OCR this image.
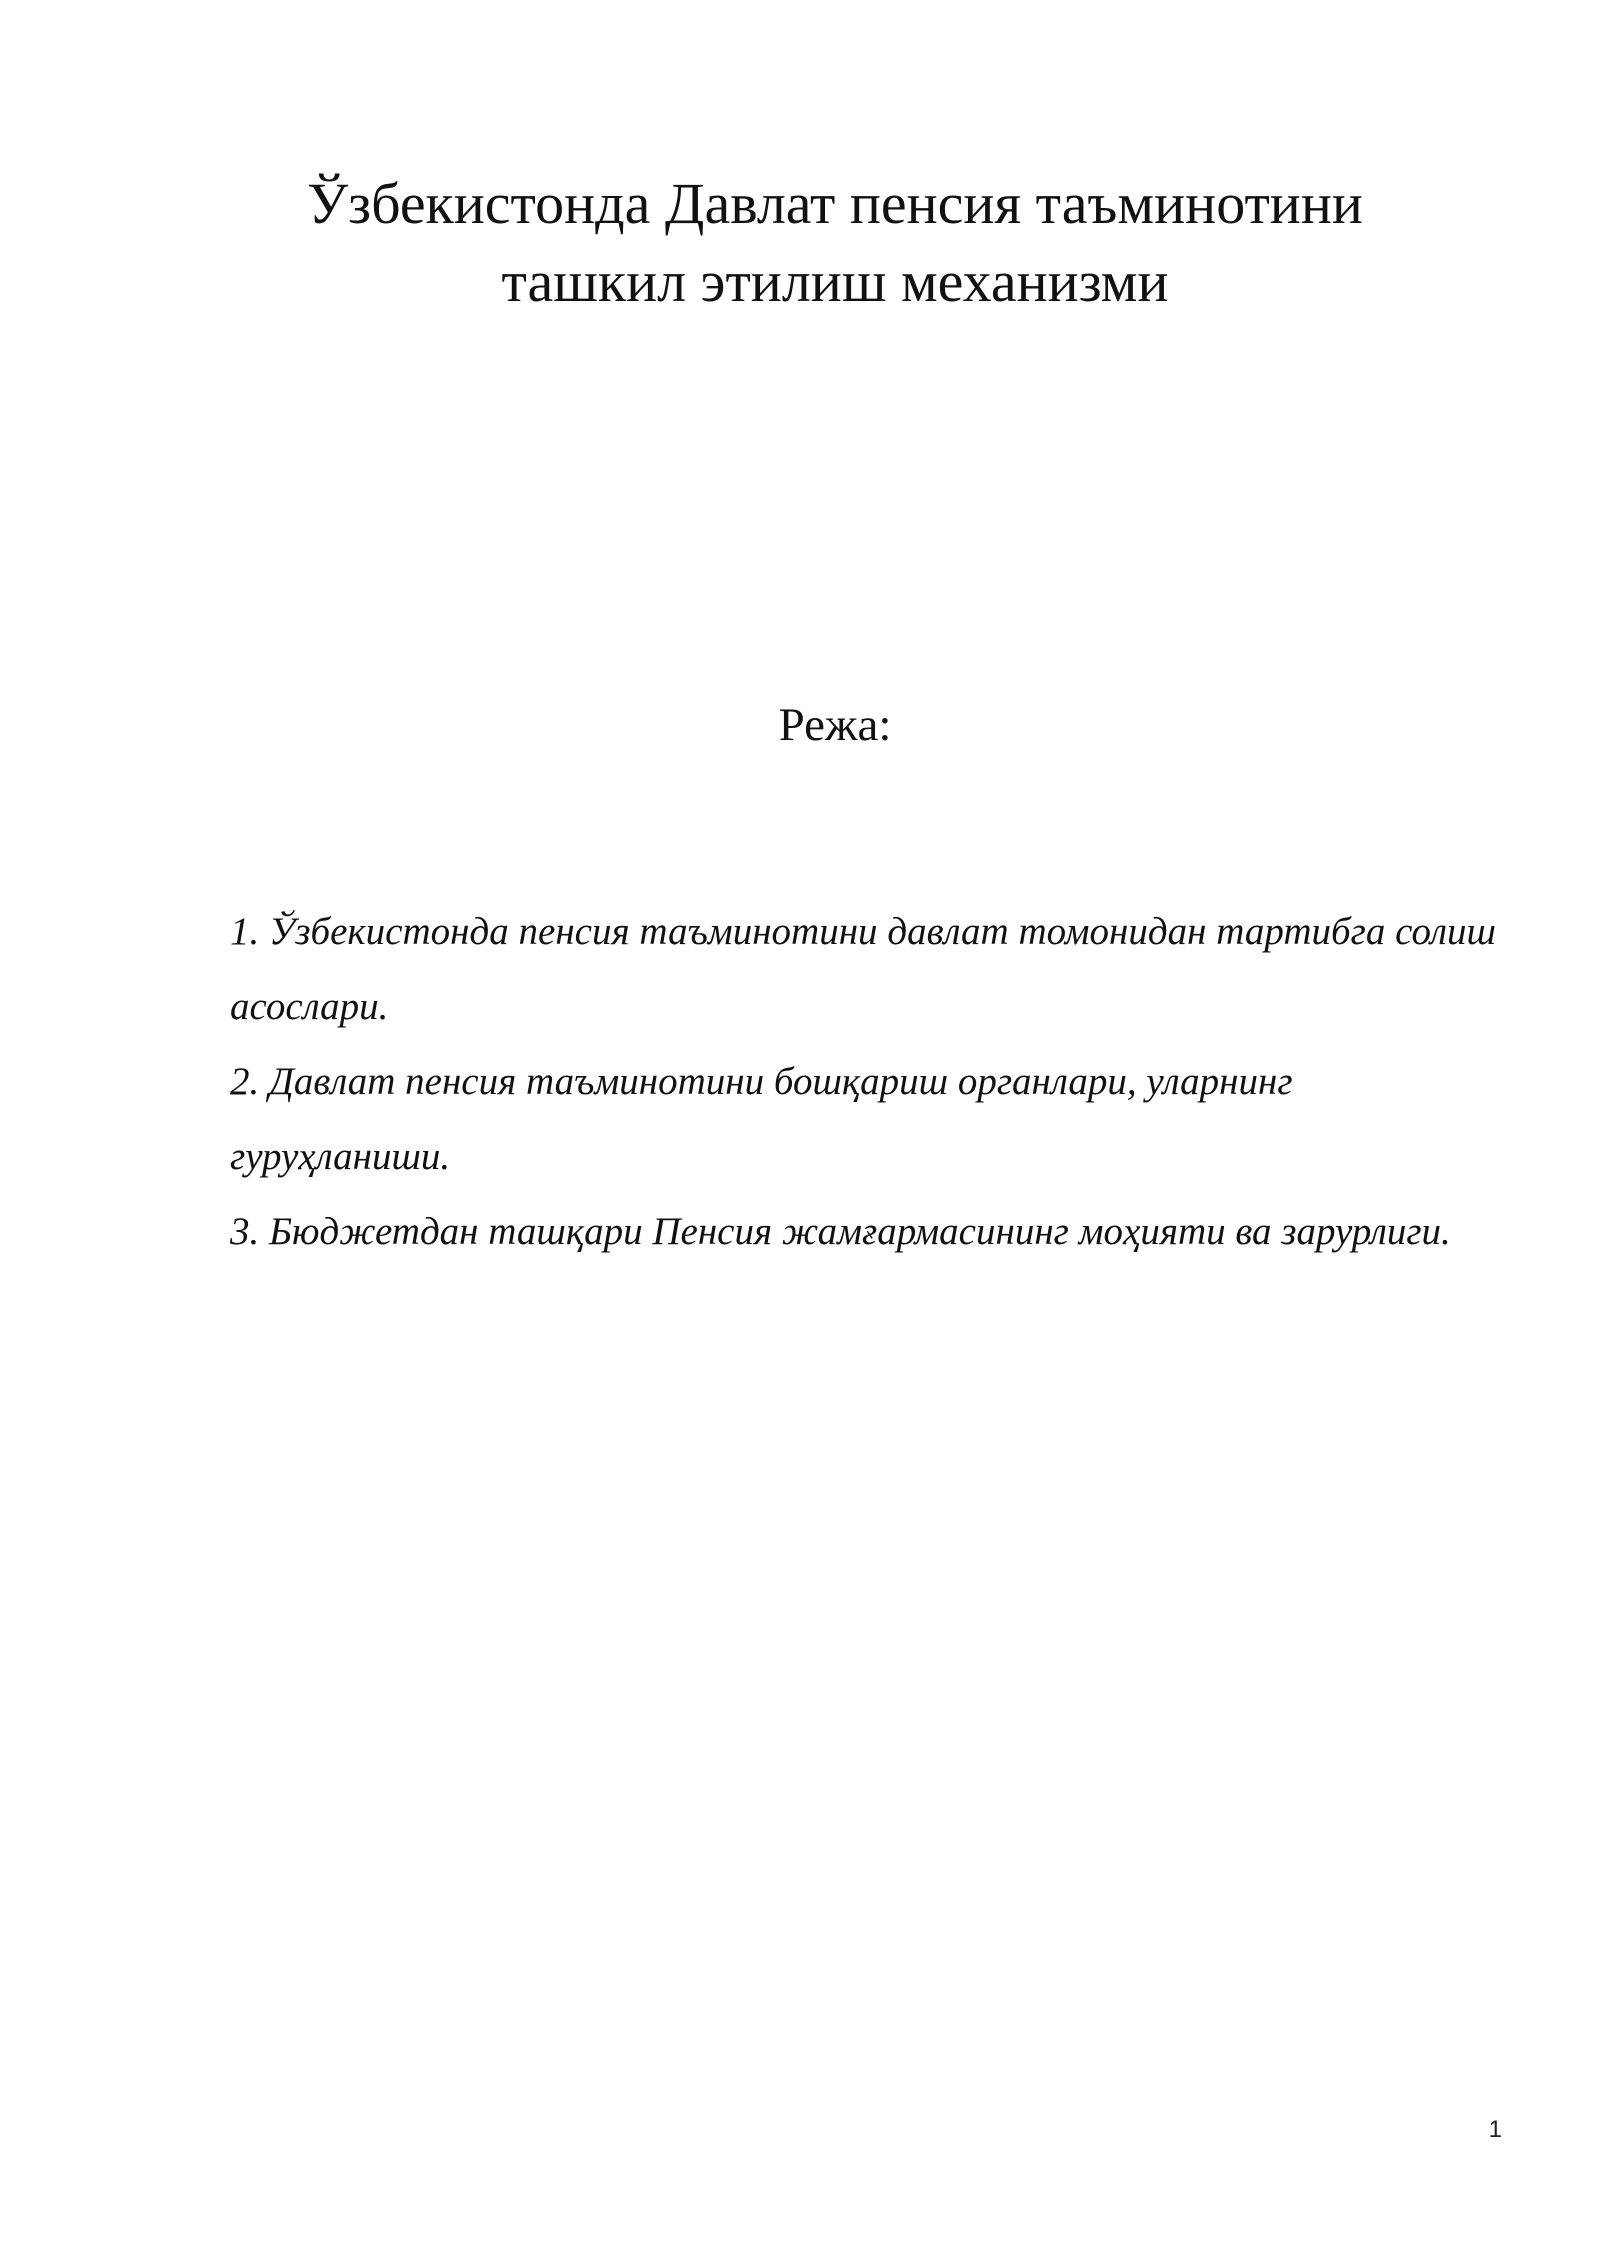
Ўзбекистонда Давлат пенсия таъминотини
ташкил этилиш механизми

Режа:

1. Ўзбекистонда пенсия таъминотини давлат томонидан тартибга солиш асослари.
2. Давлат пенсия таъминотини бошқариш органлари, уларнинг гуруҳланиши.
3. Бюджетдан ташқари Пенсия жамғармасининг моҳияти ва зарурлиги.
1
